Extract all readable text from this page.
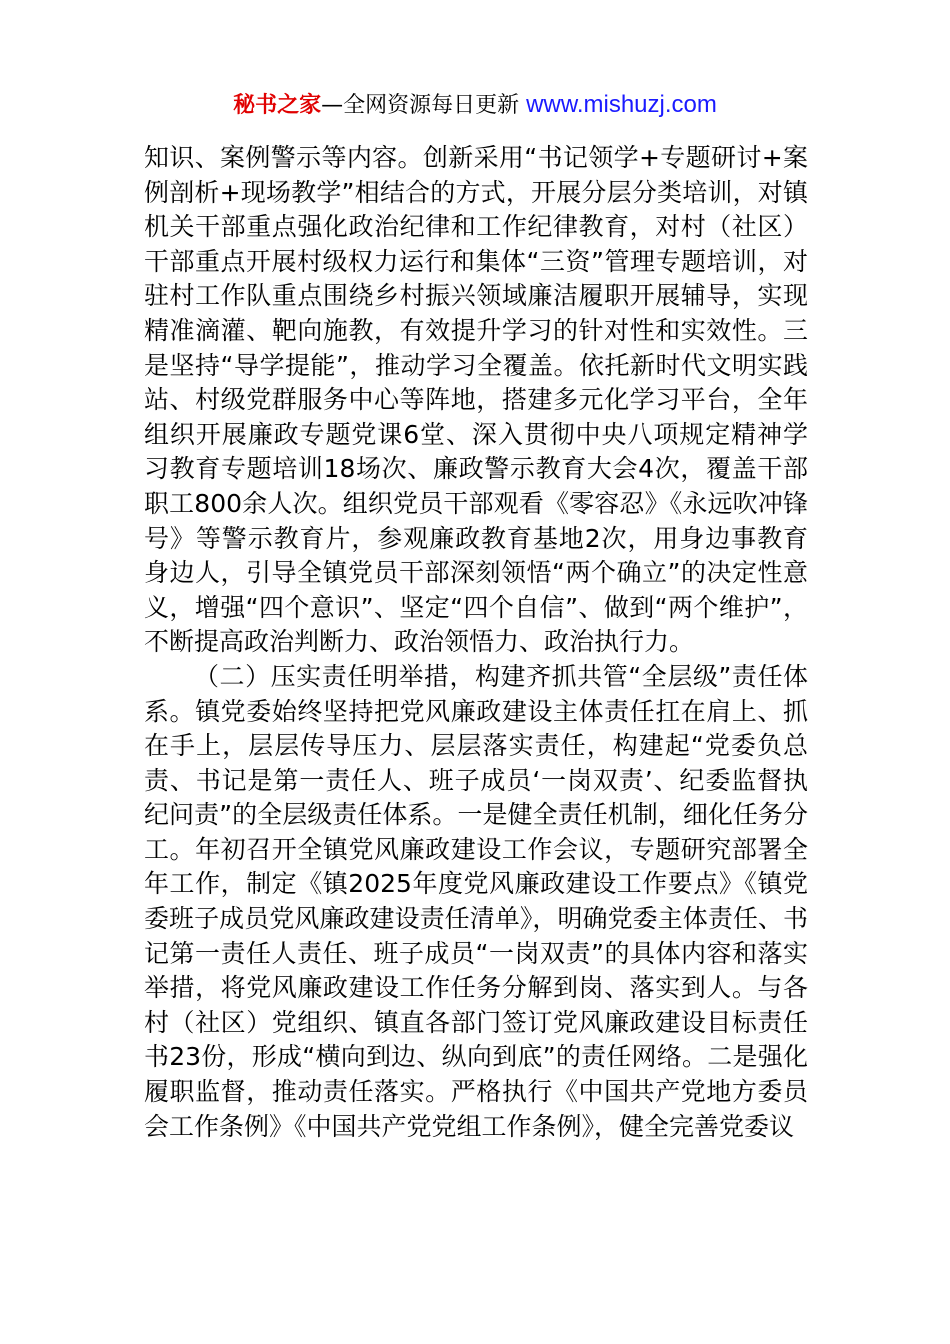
秘书之家—全网资源每日更新 www.mishuzj.com

知识、案例警示等内容。创新采用“书记领学+专题研讨+案例剖析+现场教学”相结合的方式，开展分层分类培训，对镇机关干部重点强化政治纪律和工作纪律教育，对村（社区）干部重点开展村级权力运行和集体“三资”管理专题培训，对驻村工作队重点围绕乡村振兴领域廉洁履职开展辅导，实现精准滴灌、靶向施教，有效提升学习的针对性和实效性。三是坚持“导学提能”，推动学习全覆盖。依托新时代文明实践站、村级党群服务中心等阵地，搭建多元化学习平台，全年组织开展廉政专题党课6堂、深入贯彻中央八项规定精神学习教育专题培训18场次、廉政警示教育大会4次，覆盖干部职工800余人次。组织党员干部观看《零容忍》《永远吹冲锋号》等警示教育片，参观廉政教育基地2次，用身边事教育身边人，引导全镇党员干部深刻领悟“两个确立”的决定性意义，增强“四个意识”、坚定“四个自信”、做到“两个维护”，不断提高政治判断力、政治领悟力、政治执行力。

（二）压实责任明举措，构建齐抓共管“全层级”责任体系。镇党委始终坚持把党风廉政建设主体责任扛在肩上、抓在手上，层层传导压力、层层落实责任，构建起“党委负总责、书记是第一责任人、班子成员‘一岗双责’、纪委监督执纪问责”的全层级责任体系。一是健全责任机制，细化任务分工。年初召开全镇党风廉政建设工作会议，专题研究部署全年工作，制定《镇2025年度党风廉政建设工作要点》《镇党委班子成员党风廉政建设责任清单》，明确党委主体责任、书记第一责任人责任、班子成员“一岗双责”的具体内容和落实举措，将党风廉政建设工作任务分解到岗、落实到人。与各村（社区）党组织、镇直各部门签订党风廉政建设目标责任书23份，形成“横向到边、纵向到底”的责任网络。二是强化履职监督，推动责任落实。严格执行《中国共产党地方委员会工作条例》《中国共产党党组工作条例》，健全完善党委议
